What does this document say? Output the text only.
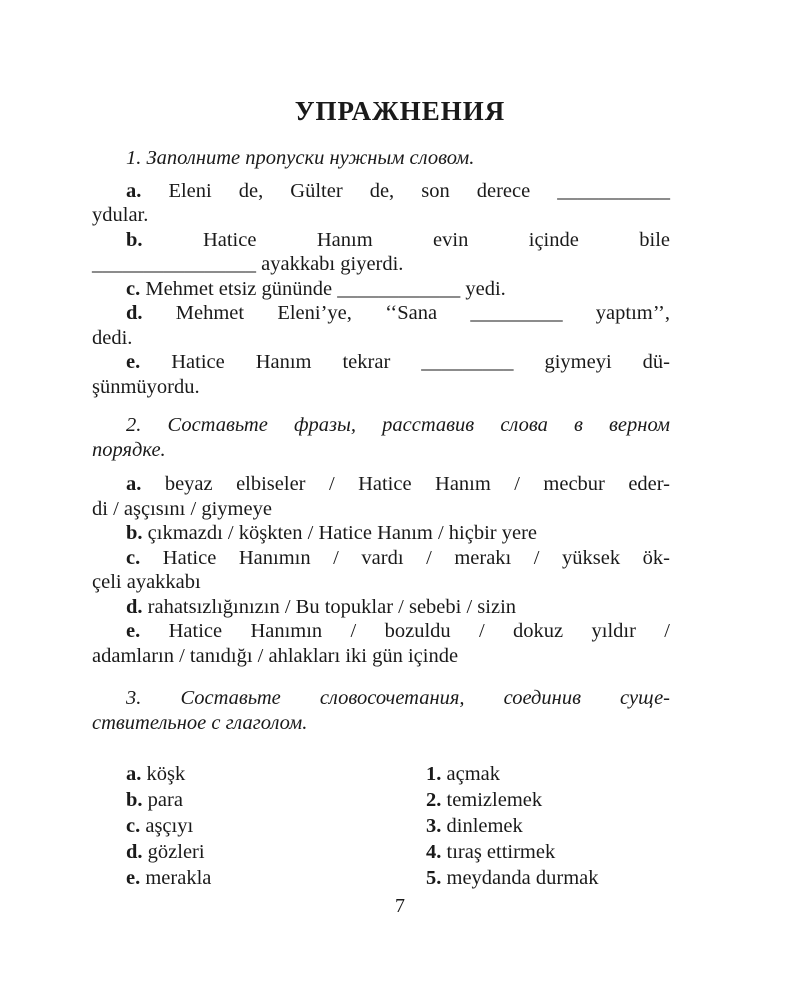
УПРАЖНЕНИЯ

1. Заполните пропуски нужным словом.

a. Eleni de, Gülter de, son derece ___________

ydular.

b.	Hatice Hanım evin içinde bile

________________ ayakkabı giyerdi.

c. Mehmet etsiz gününde ____________ yedi.

d. Mehmet Eleni’ye, ‘‘Sana _________ yaptım’’,

dedi.

e. Hatice Hanım tekrar _________ giymeyi dü-

şünmüyordu.

2. Составьте фразы, расставив слова в верном
порядке.

a. beyaz elbiseler / Hatice Hanım / mecbur eder-

di / aşçısını / giymeye

b. çıkmazdı / köşkten / Hatice Hanım / hiçbir yere

c. Hatice Hanımın / vardı / merakı / yüksek ök-

çeli ayakkabı

d. rahatsızlığınızın / Bu topuklar / sebebi / sizin

e. Hatice Hanımın / bozuldu / dokuz yıldır /

adamların / tanıdığı / ahlakları iki gün içinde

3. Составьте словосочетания, соединив суще-
ствительное с глаголом.

a. köşk
b. para
c. aşçıyı
d. gözleri
e. merakla
1. açmak
2. temizlemek
3. dinlemek
4. tıraş ettirmek
5. meydanda durmak
7
